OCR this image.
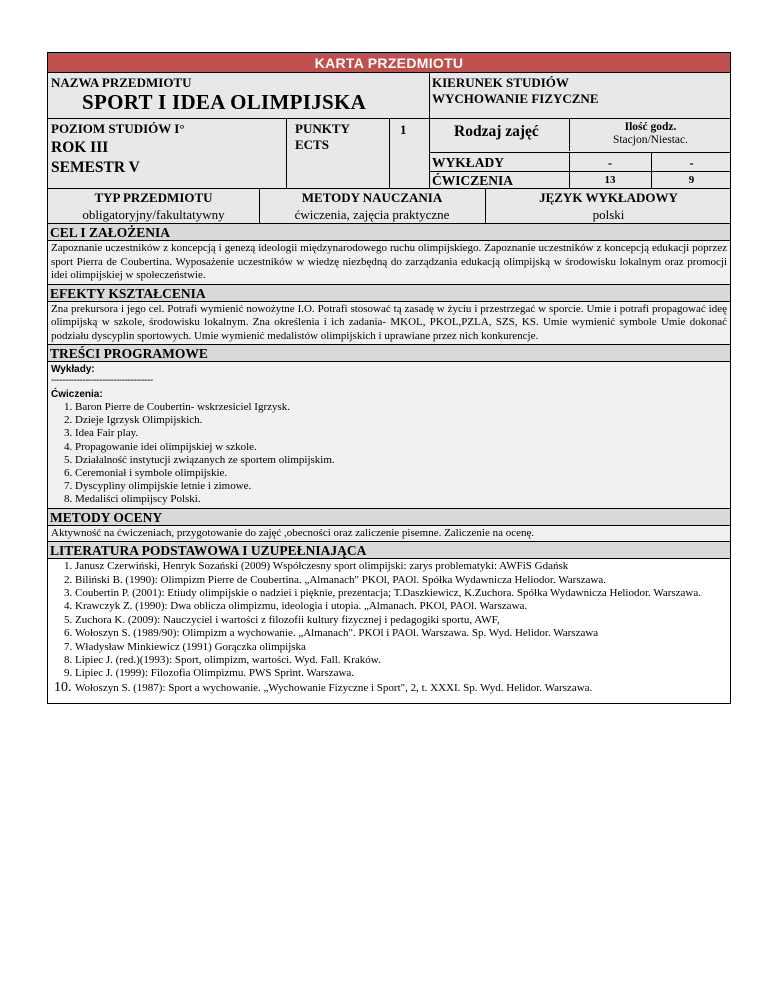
KARTA PRZEDMIOTU
NAZWA PRZEDMIOTU
SPORT I IDEA OLIMPIJSKA
KIERUNEK STUDIÓW
WYCHOWANIE FIZYCZNE
POZIOM STUDIÓW I°
ROK III
SEMESTR V
PUNKTY
ECTS
1	Rodzaj zajęć	Ilość godz.
Stacjon/Niestac.
WYKŁADY	-	-
ĆWICZENIA	13	9
TYP PRZEDMIOTU
obligatoryjny/fakultatywny
METODY NAUCZANIA
ćwiczenia, zajęcia praktyczne
JĘZYK WYKŁADOWY
polski
CEL I ZAŁOŻENIA
Zapoznanie uczestników z koncepcją i genezą ideologii międzynarodowego ruchu olimpijskiego. Zapoznanie uczestników z koncepcją edukacji poprzez sport Pierra de Coubertina. Wyposażenie uczestników w wiedzę niezbędną do zarządzania edukacją olimpijską w środowisku lokalnym oraz promocji idei olimpijskiej w społeczeństwie.
EFEKTY KSZTAŁCENIA
Zna prekursora i jego cel. Potrafi wymienić nowożytne I.O. Potrafi stosować tą zasadę w życiu i przestrzegać w sporcie. Umie i potrafi propagować ideę olimpijską w szkole, środowisku lokalnym. Zna określenia i ich zadania- MKOL, PKOL,PZLA, SZS, KS. Umie wymienić symbole Umie dokonać podziału dyscyplin sportowych. Umie wymienić medalistów olimpijskich i uprawiane przez nich konkurencje.
TREŚCI PROGRAMOWE
Wykłady:
------------------------------------
Ćwiczenia:
1. Baron Pierre de Coubertin- wskrzesiciel Igrzysk.
2. Dzieje Igrzysk Olimpijskich.
3. Idea Fair play.
4. Propagowanie idei olimpijskiej w szkole.
5. Działalność instytucji związanych ze sportem olimpijskim.
6. Ceremoniał i symbole olimpijskie.
7. Dyscypliny olimpijskie letnie i zimowe.
8. Medaliści olimpijscy Polski.
METODY OCENY
Aktywność na ćwiczeniach, przygotowanie do zajęć ,obecności oraz zaliczenie pisemne. Zaliczenie na ocenę.
LITERATURA PODSTAWOWA I UZUPEŁNIAJĄCA
1. Janusz Czerwiński, Henryk Sozański (2009) Współczesny sport olimpijski: zarys problematyki: AWFiS Gdańsk
2. Biliński B. (1990): Olimpizm Pierre de Coubertina. „Almanach" PKOl, PAOl. Spółka Wydawnicza Heliodor. Warszawa.
3. Coubertin P. (2001): Etiudy olimpijskie o nadziei i pięknie, prezentacja; T.Daszkiewicz, K.Zuchora. Spółka Wydawnicza Heliodor. Warszawa.
4. Krawczyk Z. (1990): Dwa oblicza olimpizmu, ideologia i utopia. „Almanach. PKOl, PAOl. Warszawa.
5. Zuchora K. (2009): Nauczyciel i wartości z filozofii kultury fizycznej i pedagogiki sportu, AWF,
6. Wołoszyn S. (1989/90): Olimpizm a wychowanie. „Almanach". PKOl i PAOl. Warszawa. Sp. Wyd. Helidor. Warszawa
7. Władysław Minkiewicz (1991) Gorączka olimpijska
8. Lipiec J. (red.)(1993): Sport, olimpizm, wartości. Wyd. Fall. Kraków.
9. Lipiec J. (1999): Filozofia Olimpizmu. PWS Sprint. Warszawa.
10. Wołoszyn S. (1987): Sport a wychowanie. „Wychowanie Fizyczne i Sport", 2, t. XXXI. Sp. Wyd. Helidor. Warszawa.
